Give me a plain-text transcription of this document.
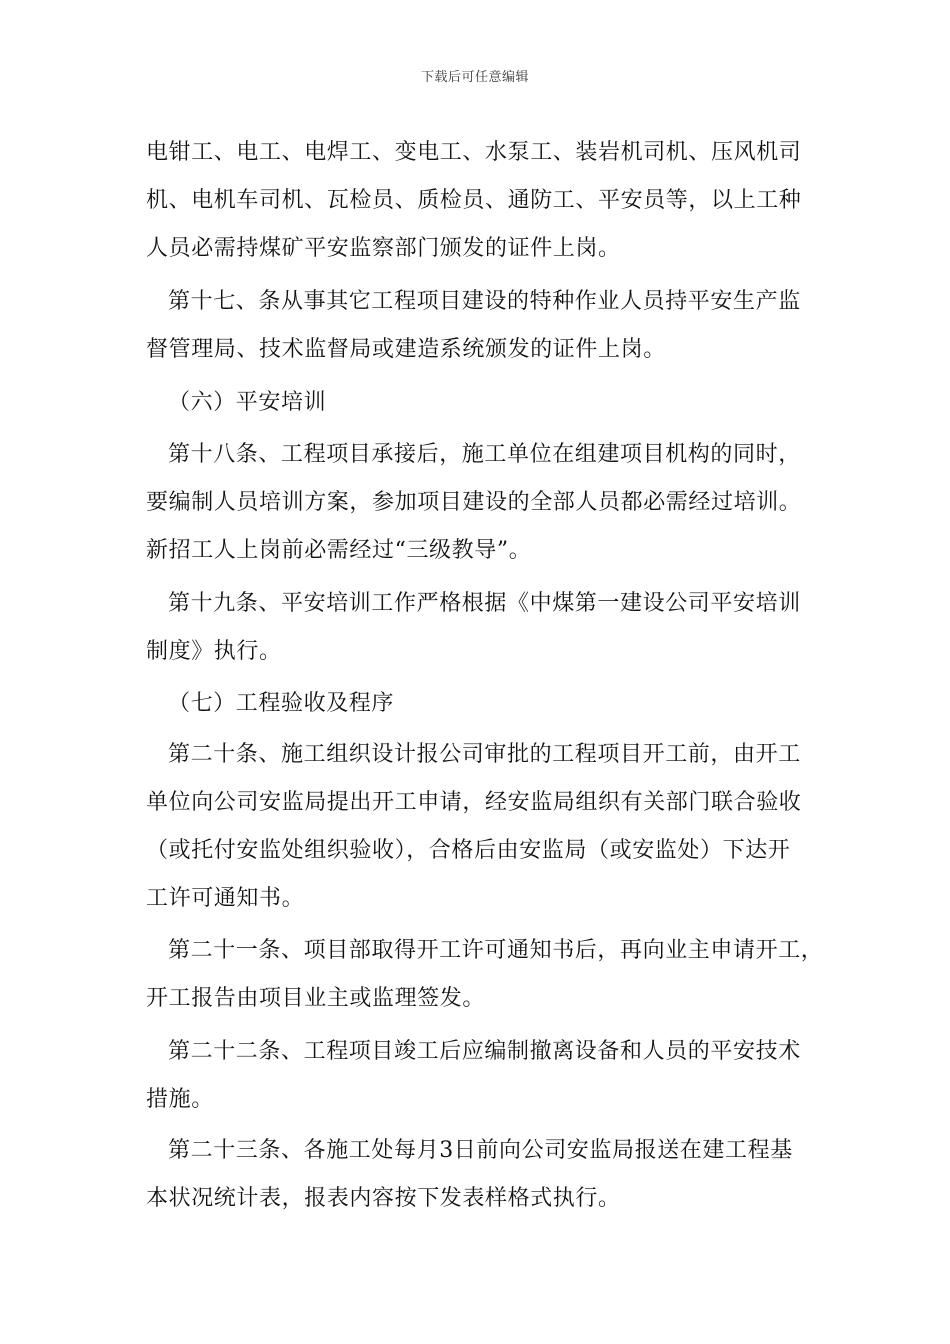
下载后可任意编辑
电钳工、电工、电焊工、变电工、水泵工、装岩机司机、压风机司
机、电机车司机、瓦检员、质检员、通防工、平安员等，以上工种
人员必需持煤矿平安监察部门颁发的证件上岗。
第十七、条从事其它工程项目建设的特种作业人员持平安生产监
督管理局、技术监督局或建造系统颁发的证件上岗。
（六）平安培训
第十八条、工程项目承接后，施工单位在组建项目机构的同时，
要编制人员培训方案，参加项目建设的全部人员都必需经过培训。
新招工人上岗前必需经过“三级教导”。
第十九条、平安培训工作严格根据《中煤第一建设公司平安培训
制度》执行。
（七）工程验收及程序
第二十条、施工组织设计报公司审批的工程项目开工前，由开工
单位向公司安监局提出开工申请，经安监局组织有关部门联合验收
（或托付安监处组织验收），合格后由安监局（或安监处）下达开
工许可通知书。
第二十一条、项目部取得开工许可通知书后，再向业主申请开工，
开工报告由项目业主或监理签发。
第二十二条、工程项目竣工后应编制撤离设备和人员的平安技术
措施。
第二十三条、各施工处每月3日前向公司安监局报送在建工程基
本状况统计表，报表内容按下发表样格式执行。
